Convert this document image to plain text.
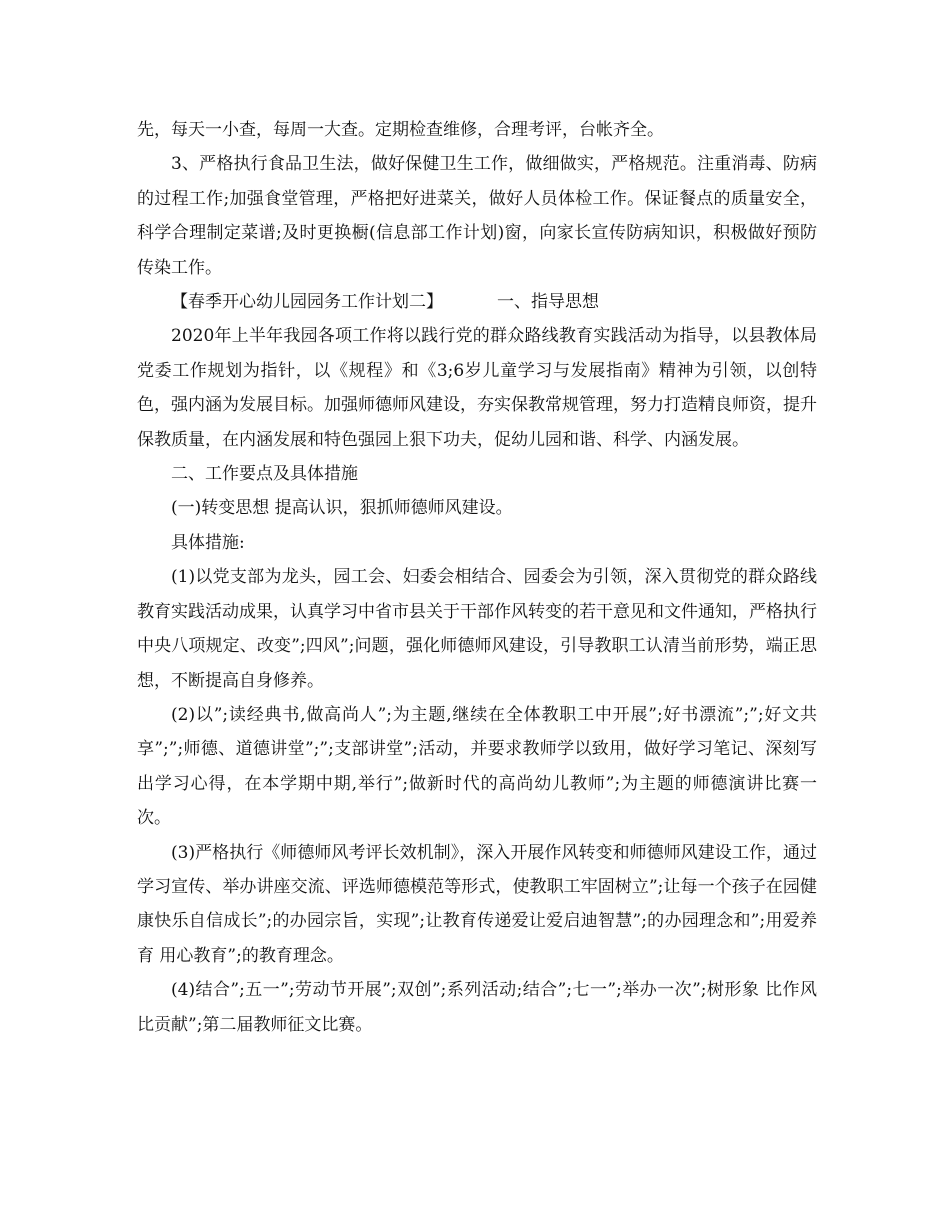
先，每天一小查，每周一大查。定期检查维修，合理考评，台帐齐全。

3、严格执行食品卫生法，做好保健卫生工作，做细做实，严格规范。注重消毒、防病的过程工作;加强食堂管理，严格把好进菜关，做好人员体检工作。保证餐点的质量安全，科学合理制定菜谱;及时更换橱(信息部工作计划)窗，向家长宣传防病知识，积极做好预防传染工作。

【春季开心幼儿园园务工作计划二】	一、指导思想

2020年上半年我园各项工作将以践行党的群众路线教育实践活动为指导，以县教体局党委工作规划为指针，以《规程》和《3;6岁儿童学习与发展指南》精神为引领，以创特色，强内涵为发展目标。加强师德师风建设，夯实保教常规管理，努力打造精良师资，提升保教质量，在内涵发展和特色强园上狠下功夫，促幼儿园和谐、科学、内涵发展。

二、工作要点及具体措施

(一)转变思想 提高认识，狠抓师德师风建设。

具体措施:

(1)以党支部为龙头，园工会、妇委会相结合、园委会为引领，深入贯彻党的群众路线教育实践活动成果，认真学习中省市县关于干部作风转变的若干意见和文件通知，严格执行中央八项规定、改变”;四风”;问题，强化师德师风建设，引导教职工认清当前形势，端正思想，不断提高自身修养。

(2)以”;读经典书,做高尚人”;为主题,继续在全体教职工中开展”;好书漂流”;”;好文共享”;”;师德、道德讲堂”;”;支部讲堂”;活动，并要求教师学以致用，做好学习笔记、深刻写出学习心得，在本学期中期,举行”;做新时代的高尚幼儿教师”;为主题的师德演讲比赛一次。

(3)严格执行《师德师风考评长效机制》，深入开展作风转变和师德师风建设工作，通过学习宣传、举办讲座交流、评选师德模范等形式，使教职工牢固树立”;让每一个孩子在园健康快乐自信成长”;的办园宗旨，实现”;让教育传递爱让爱启迪智慧”;的办园理念和”;用爱养育 用心教育”;的教育理念。

(4)结合”;五一”;劳动节开展”;双创”;系列活动;结合”;七一”;举办一次”;树形象 比作风比贡献”;第二届教师征文比赛。
